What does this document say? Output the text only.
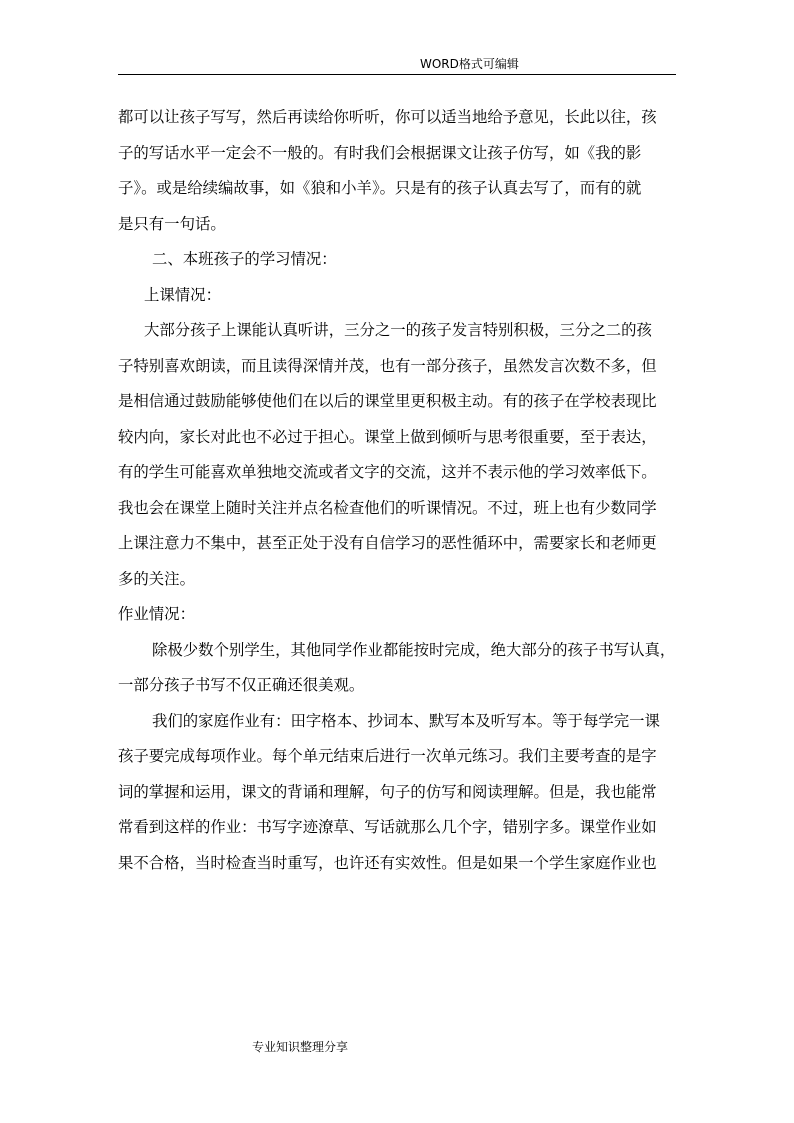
WORD格式可编辑
都可以让孩子写写，然后再读给你听听，你可以适当地给予意见，长此以往，孩
子的写话水平一定会不一般的。有时我们会根据课文让孩子仿写，如《我的影
子》。或是给续编故事，如《狼和小羊》。只是有的孩子认真去写了，而有的就
是只有一句话。
二、本班孩子的学习情况：
上课情况：
大部分孩子上课能认真听讲，三分之一的孩子发言特别积极，三分之二的孩
子特别喜欢朗读，而且读得深情并茂，也有一部分孩子，虽然发言次数不多，但
是相信通过鼓励能够使他们在以后的课堂里更积极主动。有的孩子在学校表现比
较内向，家长对此也不必过于担心。课堂上做到倾听与思考很重要，至于表达，
有的学生可能喜欢单独地交流或者文字的交流，这并不表示他的学习效率低下。
我也会在课堂上随时关注并点名检查他们的听课情况。不过，班上也有少数同学
上课注意力不集中，甚至正处于没有自信学习的恶性循环中，需要家长和老师更
多的关注。
作业情况：
除极少数个别学生，其他同学作业都能按时完成，绝大部分的孩子书写认真，
一部分孩子书写不仅正确还很美观。
我们的家庭作业有：田字格本、抄词本、默写本及听写本。等于每学完一课
孩子要完成每项作业。每个单元结束后进行一次单元练习。我们主要考查的是字
词的掌握和运用，课文的背诵和理解，句子的仿写和阅读理解。但是，我也能常
常看到这样的作业：书写字迹潦草、写话就那么几个字，错别字多。课堂作业如
果不合格，当时检查当时重写，也许还有实效性。但是如果一个学生家庭作业也
专业知识整理分享
